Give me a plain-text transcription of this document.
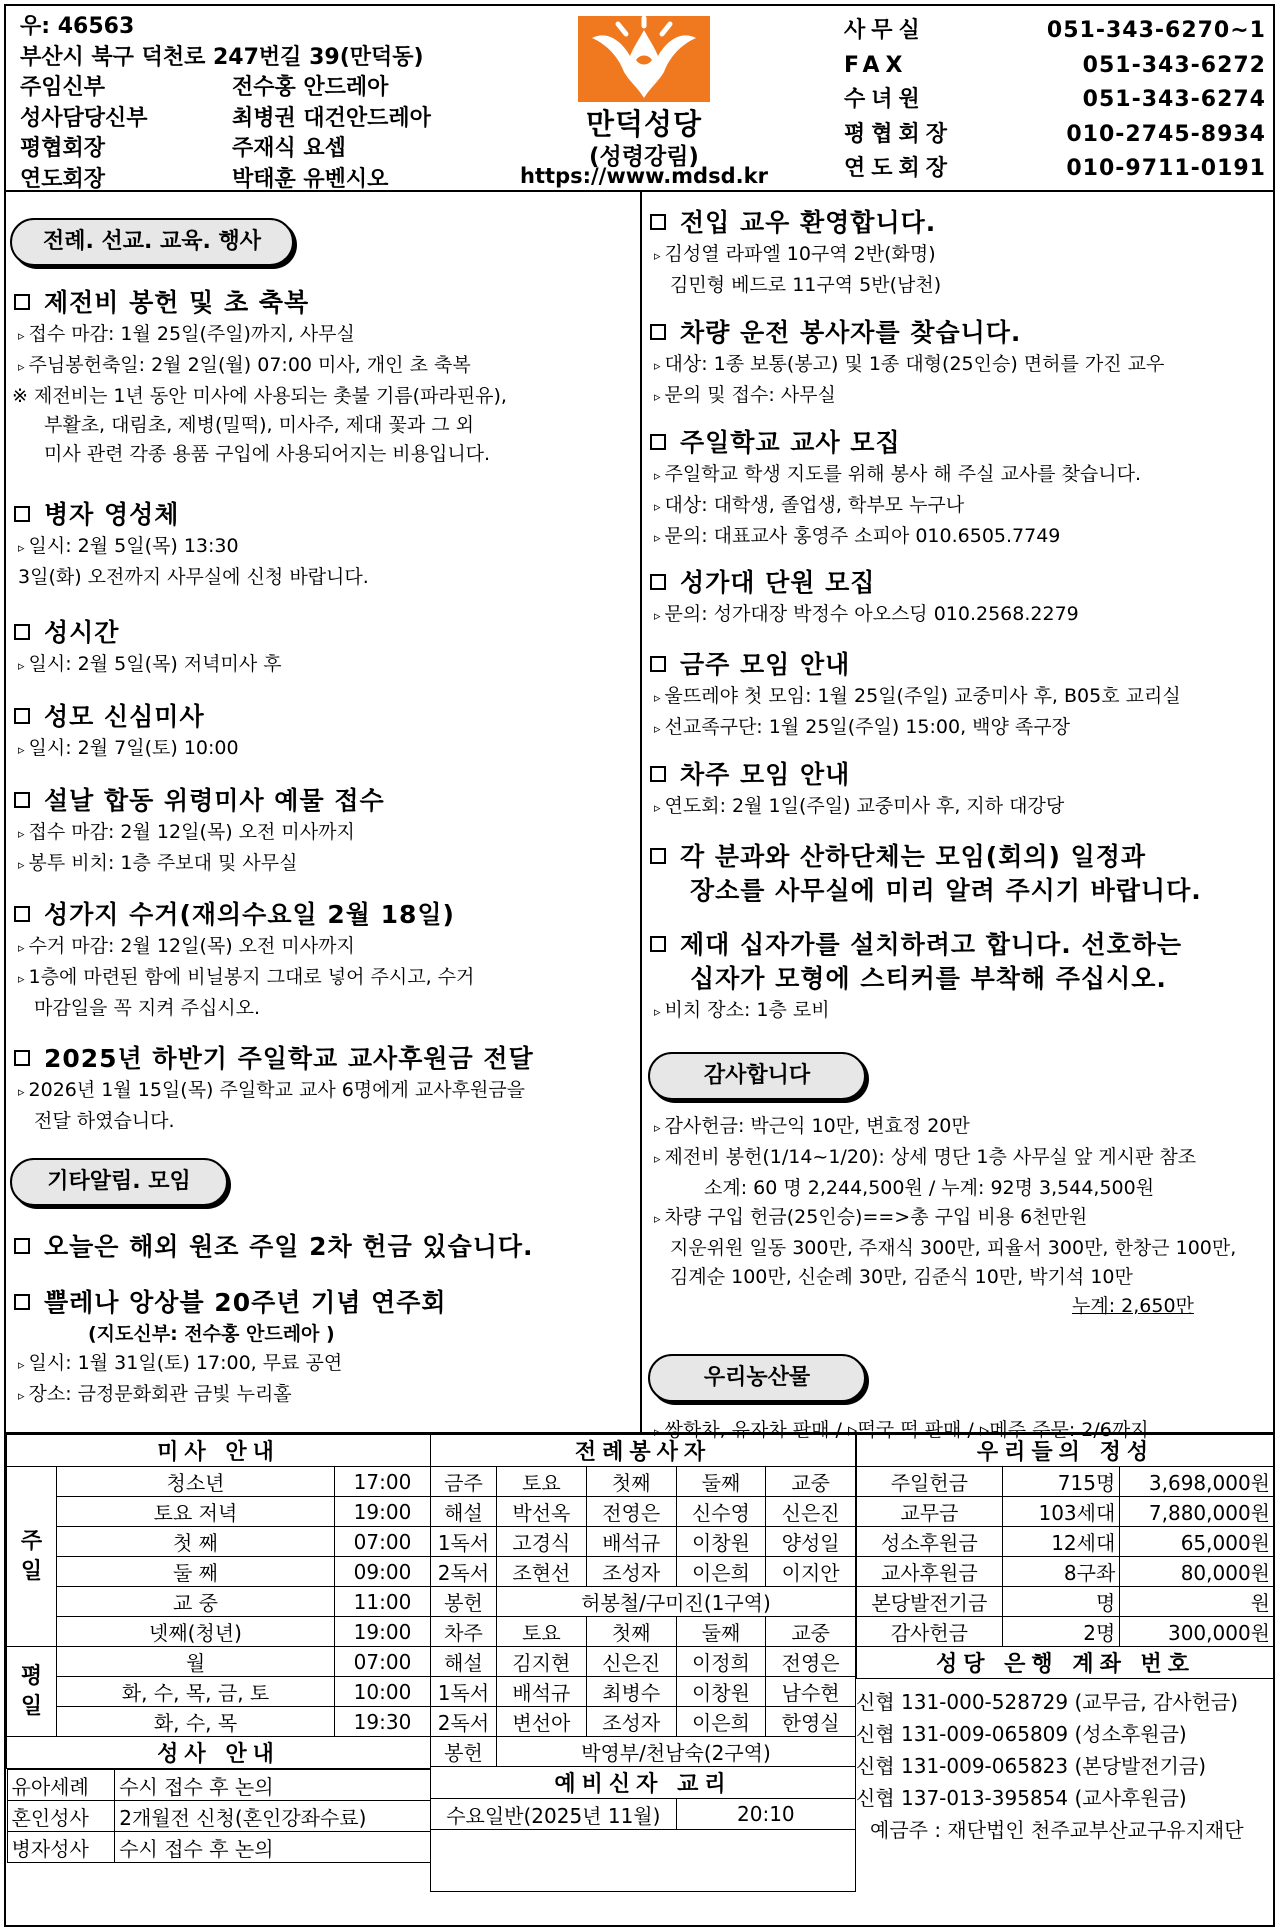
우: 46563
부산시 북구 덕천로 247번길 39(만덕동)
주임신부	전수홍 안드레아
성사담당신부	최병권 대건안드레아
평협회장	주재식 요셉
연도회장	박태훈 유벤시오
만덕성당
(성령강림)
https://www.mdsd.kr
사무실	051-343-6270~1
FAX	051-343-6272
수녀원	051-343-6274
평협회장	010-2745-8934
연도회장	010-9711-0191
전례. 선교. 교육. 행사
제전비 봉헌 및 초 축복
▹ 접수 마감: 1월 25일(주일)까지, 사무실
▹ 주님봉헌축일: 2월 2일(월) 07:00 미사, 개인 초 축복
※ 제전비는 1년 동안 미사에 사용되는 촛불 기름(파라핀유),
부활초, 대림초, 제병(밀떡), 미사주, 제대 꽃과 그 외
미사 관련 각종 용품 구입에 사용되어지는 비용입니다.
병자 영성체
▹ 일시: 2월 5일(목) 13:30
3일(화) 오전까지 사무실에 신청 바랍니다.
성시간
▹ 일시: 2월 5일(목) 저녁미사 후
성모 신심미사
▹ 일시: 2월 7일(토) 10:00
설날 합동 위령미사 예물 접수
▹ 접수 마감: 2월 12일(목) 오전 미사까지
▹ 봉투 비치: 1층 주보대 및 사무실
성가지 수거(재의수요일 2월 18일)
▹ 수거 마감: 2월 12일(목) 오전 미사까지
▹ 1층에 마련된 함에 비닐봉지 그대로 넣어 주시고, 수거
마감일을 꼭 지켜 주십시오.
2025년 하반기 주일학교 교사후원금 전달
▹ 2026년 1월 15일(목) 주일학교 교사 6명에게 교사후원금을
전달 하였습니다.
기타알림. 모임
오늘은 해외 원조 주일 2차 헌금 있습니다.
쁠레나 앙상블 20주년 기념 연주회
(지도신부: 전수홍 안드레아 )
▹ 일시: 1월 31일(토) 17:00, 무료 공연
▹ 장소: 금정문화회관 금빛 누리홀
전입 교우 환영합니다.
▹ 김성열 라파엘 10구역 2반(화명)
김민형 베드로 11구역 5반(남천)
차량 운전 봉사자를 찾습니다.
▹ 대상: 1종 보통(봉고) 및 1종 대형(25인승) 면허를 가진 교우
▹ 문의 및 접수: 사무실
주일학교 교사 모집
▹ 주일학교 학생 지도를 위해 봉사 해 주실 교사를 찾습니다.
▹ 대상: 대학생, 졸업생, 학부모 누구나
▹ 문의: 대표교사 홍영주 소피아 010.6505.7749
성가대 단원 모집
▹ 문의: 성가대장 박정수 아오스딩 010.2568.2279
금주 모임 안내
▹ 울뜨레야 첫 모임: 1월 25일(주일) 교중미사 후, B05호 교리실
▹ 선교족구단: 1월 25일(주일) 15:00, 백양 족구장
차주 모임 안내
▹ 연도회: 2월 1일(주일) 교중미사 후, 지하 대강당
각 분과와 산하단체는 모임(회의) 일정과
장소를 사무실에 미리 알려 주시기 바랍니다.
제대 십자가를 설치하려고 합니다. 선호하는
십자가 모형에 스티커를 부착해 주십시오.
▹ 비치 장소: 1층 로비
감사합니다
▹ 감사헌금: 박근익 10만, 변효정 20만
▹ 제전비 봉헌(1/14~1/20): 상세 명단 1층 사무실 앞 게시판 참조
소계: 60 명 2,244,500원 / 누계: 92명 3,544,500원
▹ 차량 구입 헌금(25인승)==>총 구입 비용 6천만원
지운위원 일동 300만, 주재식 300만, 피율서 300만, 한창근 100만,
김계순 100만, 신순례 30만, 김준식 10만, 박기석 10만
누계: 2,650만
우리농산물
▹ 쌍화차, 유자차 판매 / ▹떡국 떡 판매 / ▹메주 주문: 2/6까지
미사 안내
주일	청소년	17:00
토요 저녁	19:00
첫 째	07:00
둘 째	09:00
교 중	11:00
넷째(청년)	19:00
평일	월	07:00
화, 수, 목, 금, 토	10:00
화, 수, 목	19:30
성사 안내

유아세례	수시 접수 후 논의
혼인성사	2개월전 신청(혼인강좌수료)
병자성사	수시 접수 후 논의
전례봉사자				
금주	토요	첫째	둘째	교중
해설	박선옥	전영은	신수영	신은진
1독서	고경식	배석규	이창원	양성일
2독서	조현선	조성자	이은희	이지안
봉헌	허봉철/구미진(1구역)			
차주	토요	첫째	둘째	교중
해설	김지현	신은진	이정희	전영은
1독서	배석규	최병수	이창원	남수현
2독서	변선아	조성자	이은희	한영실
봉헌	박영부/천남숙(2구역)			
예비신자 교리				
수요일반(2025년 11월)			20:10	

우리들의 정성		
주일헌금	715명	3,698,000원
교무금	103세대	7,880,000원
성소후원금	12세대	65,000원
교사후원금	8구좌	80,000원
본당발전기금	명	원
감사헌금	2명	300,000원
성당 은행 계좌 번호		
신협 131-000-528729 (교무금, 감사헌금)
신협 131-009-065809 (성소후원금)
신협 131-009-065823 (본당발전기금)
신협 137-013-395854 (교사후원금)
예금주 : 재단법인 천주교부산교구유지재단
